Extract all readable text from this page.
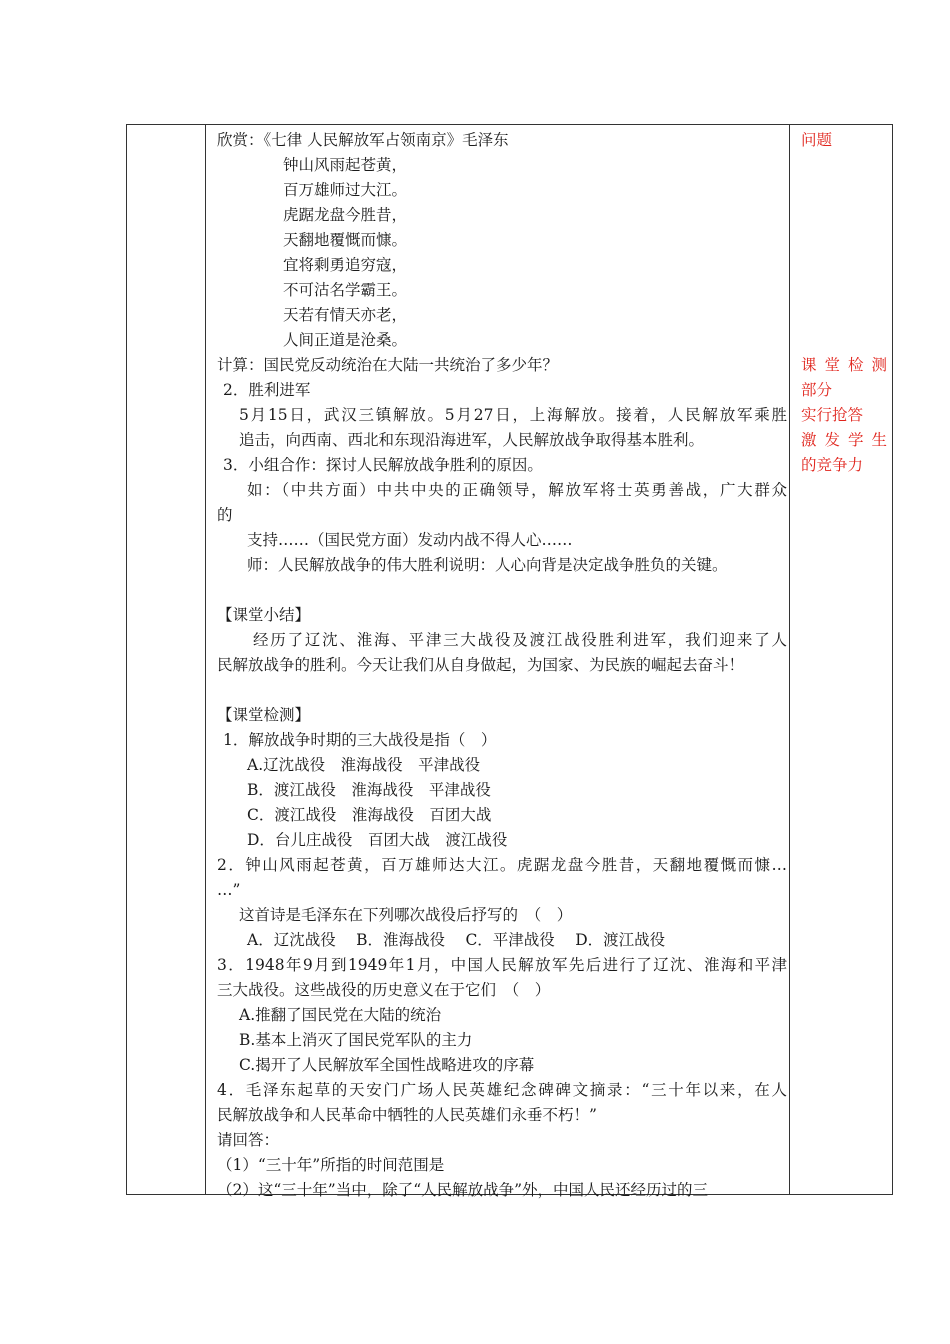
欣赏：《七律 人民解放军占领南京》毛泽东
钟山风雨起苍黄，
百万雄师过大江。
虎踞龙盘今胜昔，
天翻地覆慨而慷。
宜将剩勇追穷寇，
不可沽名学霸王。
天若有情天亦老，
人间正道是沧桑。
计算：国民党反动统治在大陆一共统治了多少年？
2．胜利进军
5月15日，武汉三镇解放。5月27日，上海解放。接着，人民解放军乘胜
追击，向西南、西北和东现沿海进军，人民解放战争取得基本胜利。
3．小组合作：探讨人民解放战争胜利的原因。
如：（中共方面）中共中央的正确领导，解放军将士英勇善战，广大群众
的
支持……（国民党方面）发动内战不得人心……
师：人民解放战争的伟大胜利说明：人心向背是决定战争胜负的关键。
【课堂小结】
经历了辽沈、淮海、平津三大战役及渡江战役胜利进军，我们迎来了人
民解放战争的胜利。今天让我们从自身做起，为国家、为民族的崛起去奋斗！
【课堂检测】
1．解放战争时期的三大战役是指（　）
A.辽沈战役　淮海战役　平津战役
B．渡江战役　淮海战役　平津战役
C．渡江战役　淮海战役　百团大战
D．台儿庄战役　百团大战　渡江战役
2．钟山风雨起苍黄，百万雄师达大江。虎踞龙盘今胜昔，天翻地覆慨而慷…
…”
这首诗是毛泽东在下列哪次战役后抒写的　（　）
A．辽沈战役　 B．淮海战役　 C．平津战役　 D．渡江战役
3．1948年9月到1949年1月，中国人民解放军先后进行了辽沈、淮海和平津
三大战役。这些战役的历史意义在于它们　（　）
A.推翻了国民党在大陆的统治
B.基本上消灭了国民党军队的主力
C.揭开了人民解放军全国性战略进攻的序幕
4．毛泽东起草的天安门广场人民英雄纪念碑碑文摘录：“三十年以来，在人
民解放战争和人民革命中牺牲的人民英雄们永垂不朽！”
请回答：
（1）“三十年”所指的时间范围是
（2）这“三十年”当中，除了“人民解放战争”外，中国人民还经历过的三
问题
课堂检测
部分
实行抢答
激发学生
的竞争力
